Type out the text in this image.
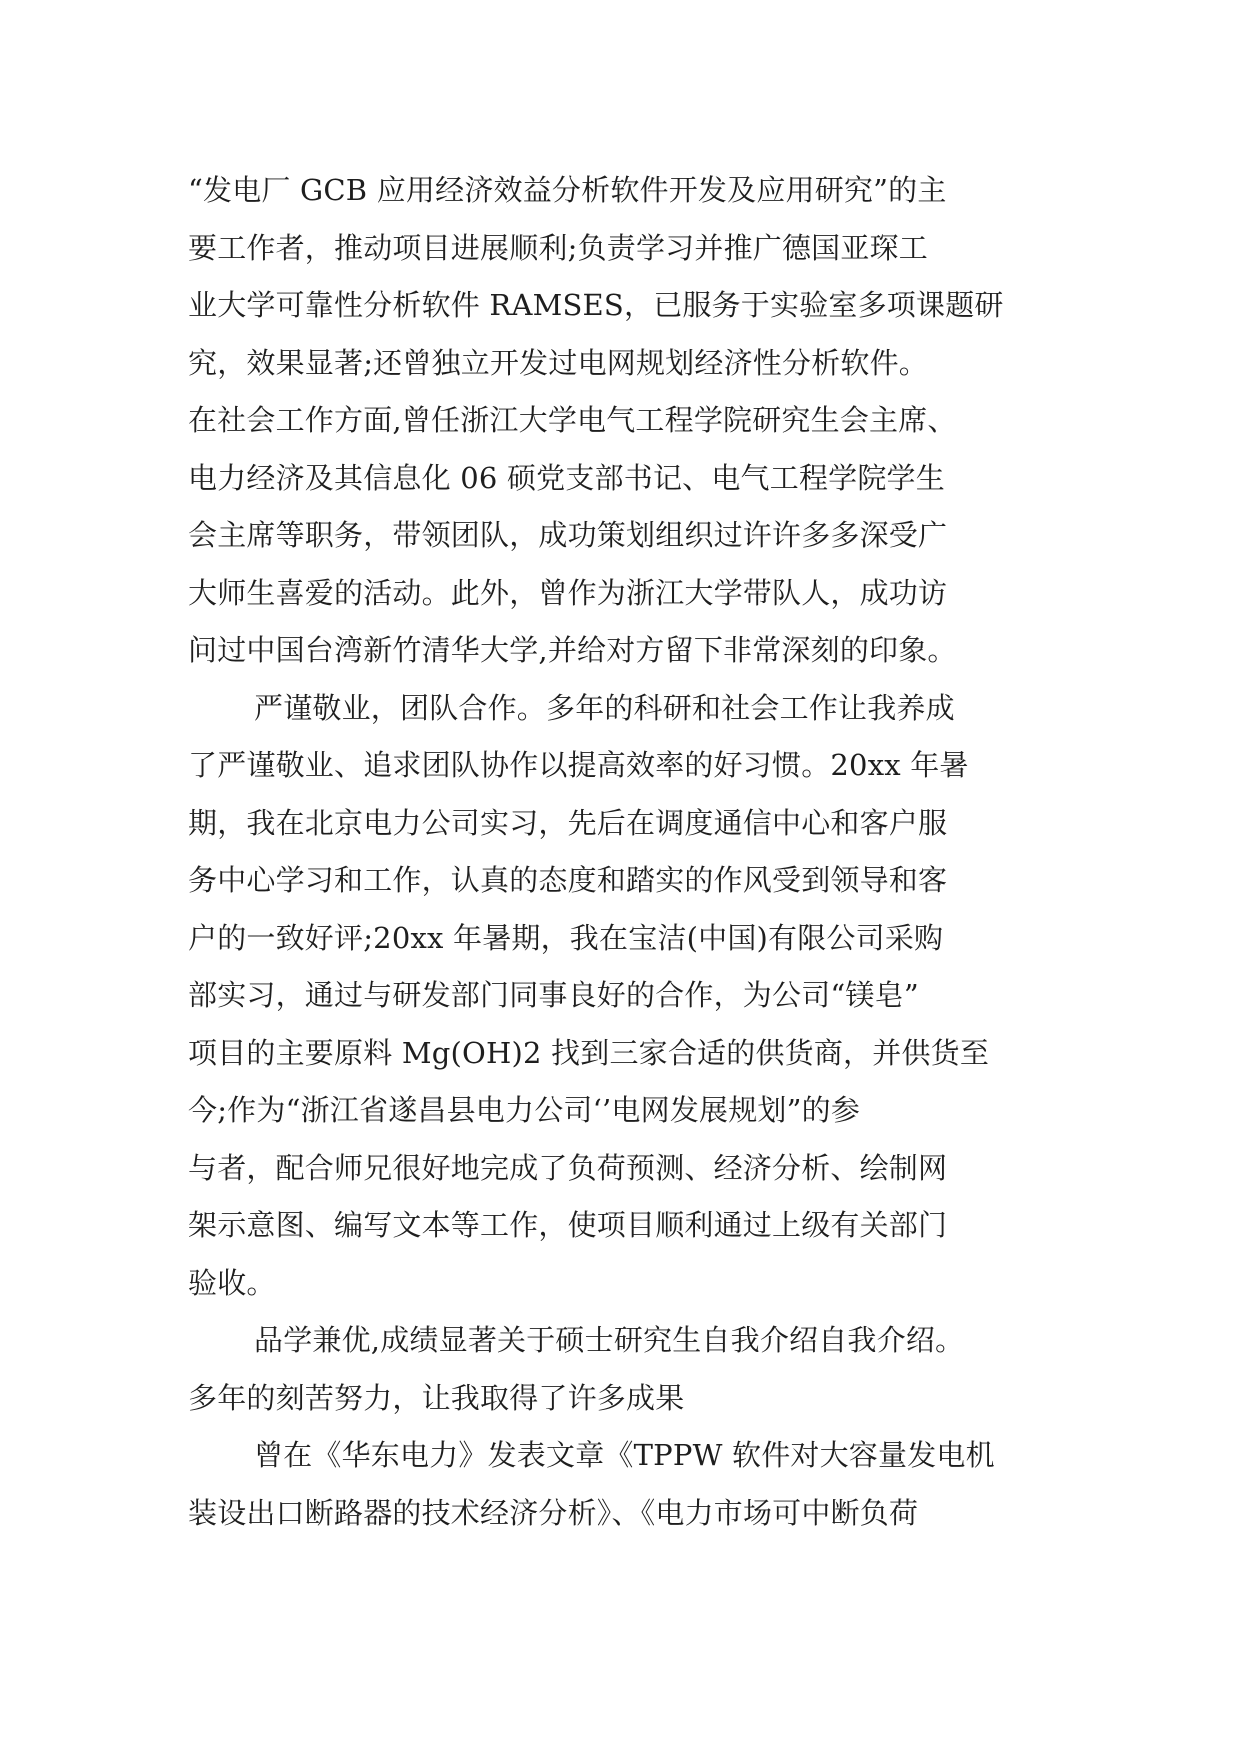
“发电厂 GCB 应用经济效益分析软件开发及应用研究”的主
要工作者，推动项目进展顺利;负责学习并推广德国亚琛工
业大学可靠性分析软件 RAMSES，已服务于实验室多项课题研
究，效果显著;还曾独立开发过电网规划经济性分析软件。
在社会工作方面,曾任浙江大学电气工程学院研究生会主席、
电力经济及其信息化 06 硕党支部书记、电气工程学院学生
会主席等职务，带领团队，成功策划组织过许许多多深受广
大师生喜爱的活动。此外，曾作为浙江大学带队人，成功访
问过中国台湾新竹清华大学,并给对方留下非常深刻的印象。
严谨敬业，团队合作。多年的科研和社会工作让我养成
了严谨敬业、追求团队协作以提高效率的好习惯。20xx 年暑
期，我在北京电力公司实习，先后在调度通信中心和客户服
务中心学习和工作，认真的态度和踏实的作风受到领导和客
户的一致好评;20xx 年暑期，我在宝洁(中国)有限公司采购
部实习，通过与研发部门同事良好的合作，为公司“镁皂”
项目的主要原料 Mg(OH)2 找到三家合适的供货商，并供货至
今;作为“浙江省遂昌县电力公司‘’电网发展规划”的参
与者，配合师兄很好地完成了负荷预测、经济分析、绘制网
架示意图、编写文本等工作，使项目顺利通过上级有关部门
验收。
品学兼优,成绩显著关于硕士研究生自我介绍自我介绍。
多年的刻苦努力，让我取得了许多成果
曾在《华东电力》发表文章《TPPW 软件对大容量发电机
装设出口断路器的技术经济分析》、《电力市场可中断负荷
